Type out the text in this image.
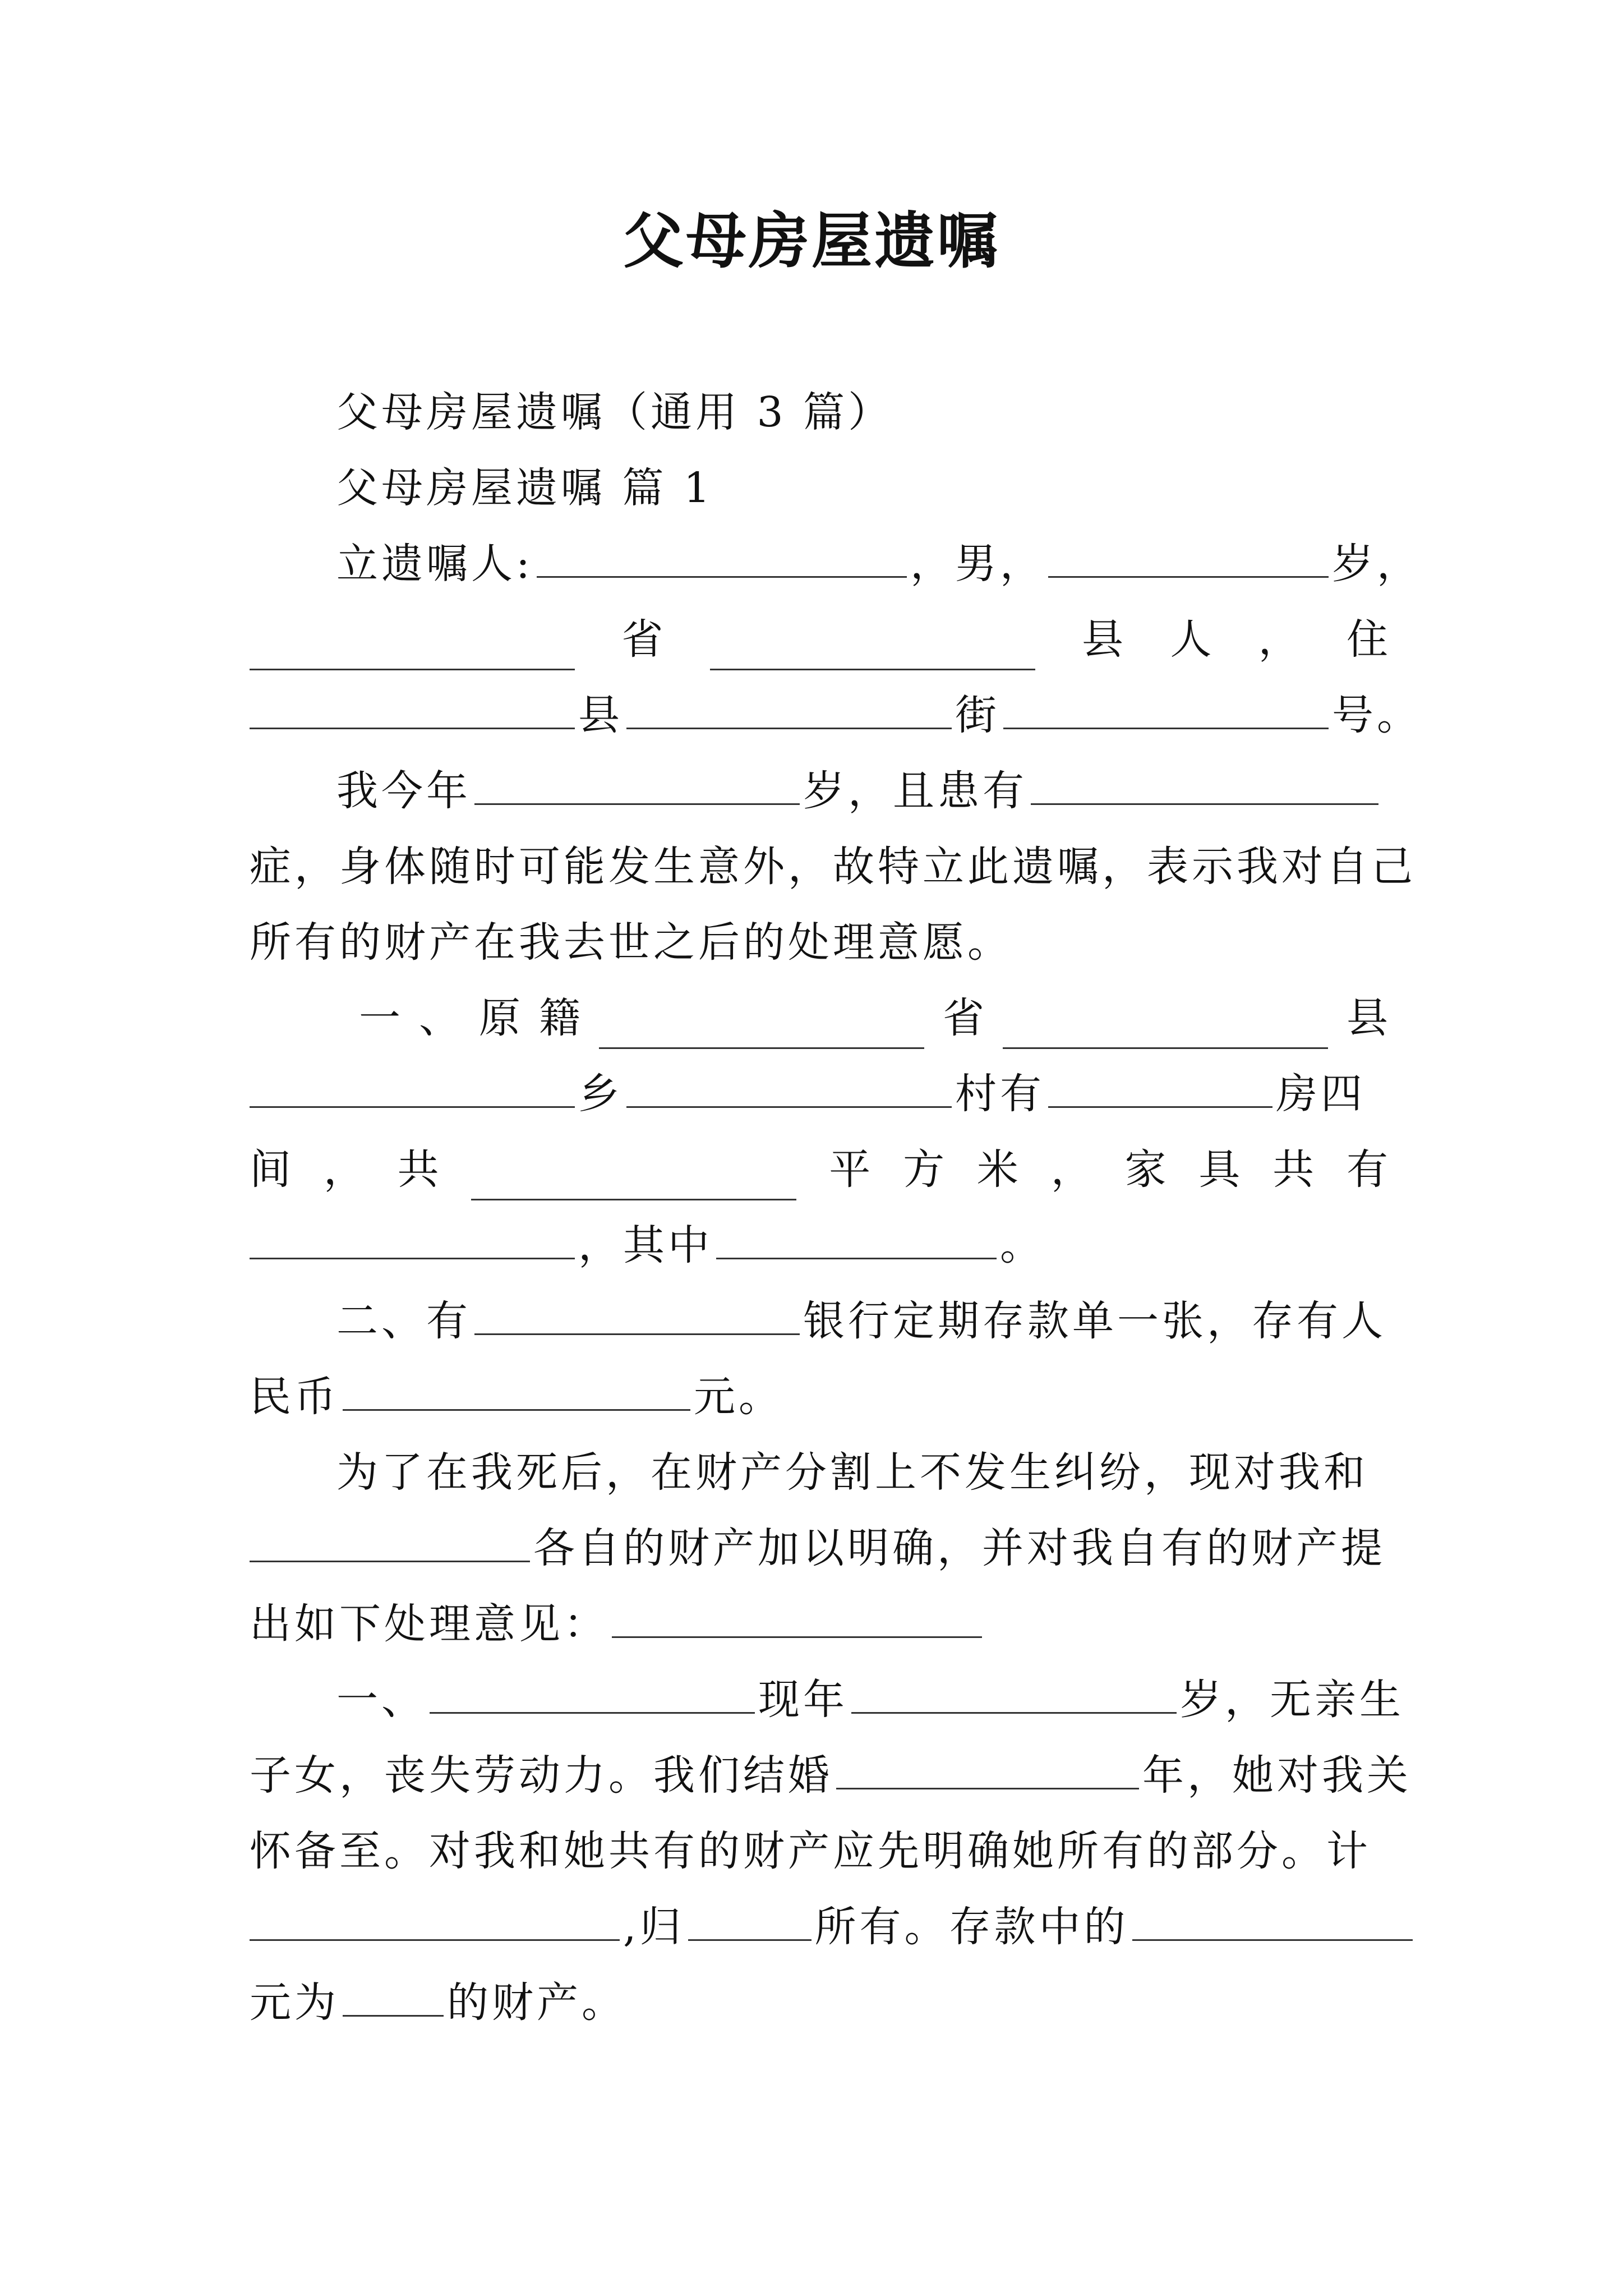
父母房屋遗嘱
父母房屋遗嘱（通用 3 篇）
父母房屋遗嘱 篇 1
立遗嘱人:	，男，	岁，
省	县 人 ， 住
县	街	号。
我今年	岁，且患有
症，身体随时可能发生意外，故特立此遗嘱，表示我对自己
所有的财产在我去世之后的处理意愿。
一 、 原 籍	省	县
乡	村有	房四
间 ， 共	平 方 米 ， 家 具 共 有
，其中	。
二、有	银行定期存款单一张，存有人
民币	元。
为了在我死后，在财产分割上不发生纠纷，现对我和
各自的财产加以明确，并对我自有的财产提
出如下处理意见：
一、	现年	岁，无亲生
子女，丧失劳动力。我们结婚	年，她对我关
怀备至。对我和她共有的财产应先明确她所有的部分。计
,归	所有。存款中的
元为	的财产。
